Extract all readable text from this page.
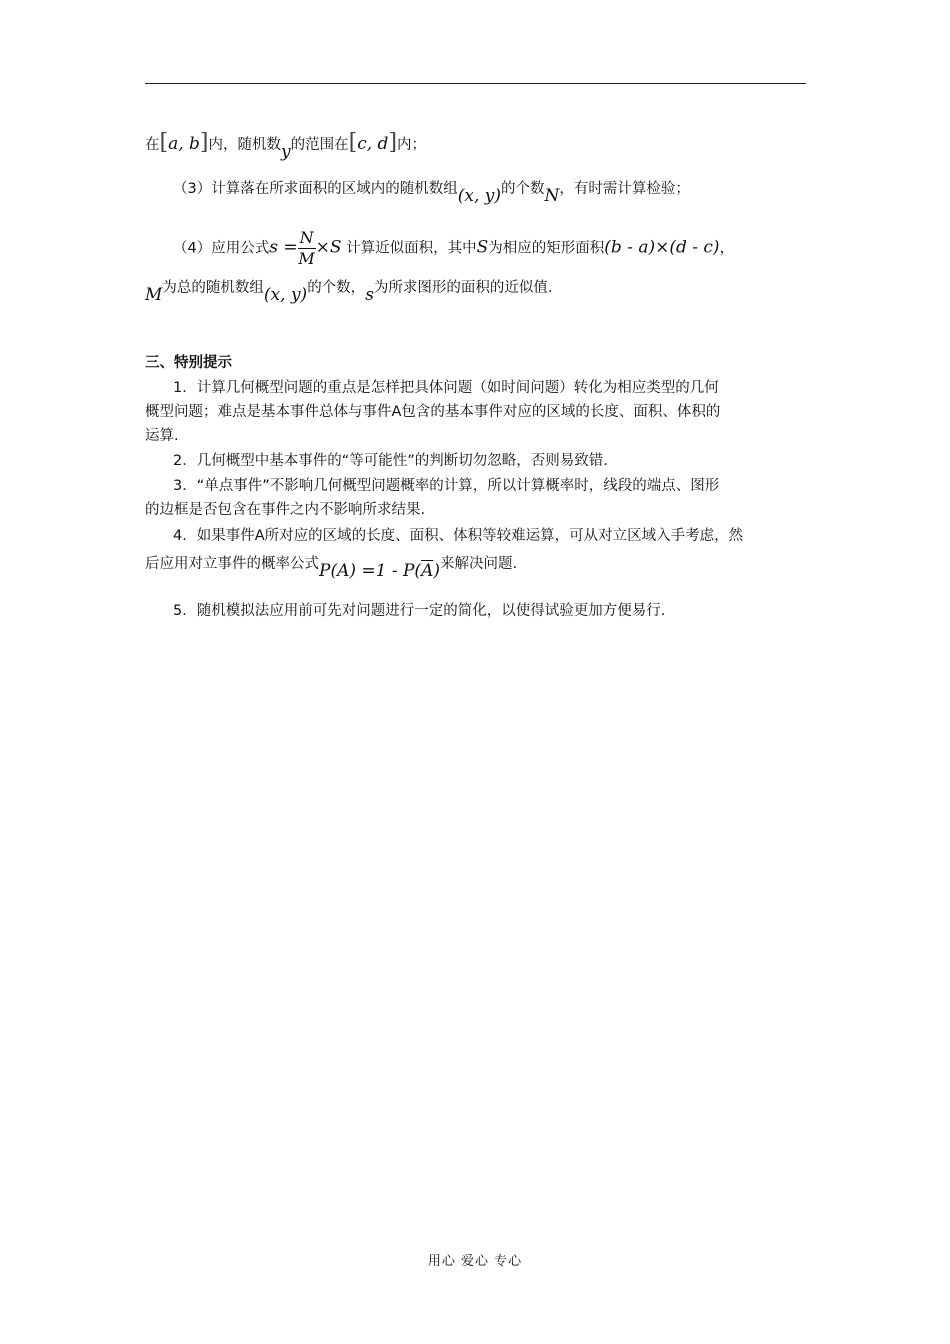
在[a, b]内，随机数y的范围在[c, d]内；
（3）计算落在所求面积的区域内的随机数组(x, y)的个数N，有时需计算检验；
（4）应用公式$s = \frac{N}{M} \times S$ 计算近似面积，其中S为相应的矩形面积(b - a)×(d - c)，
M为总的随机数组(x, y)的个数，s为所求图形的面积的近似值.
三、特别提示
1．计算几何概型问题的重点是怎样把具体问题（如时间问题）转化为相应类型的几何
概型问题；难点是基本事件总体与事件A包含的基本事件对应的区域的长度、面积、体积的
运算.
2．几何概型中基本事件的“等可能性”的判断切勿忽略，否则易致错.
3．“单点事件”不影响几何概型问题概率的计算，所以计算概率时，线段的端点、图形
的边框是否包含在事件之内不影响所求结果.
4．如果事件A所对应的区域的长度、面积、体积等较难运算，可从对立区域入手考虑，然
后应用对立事件的概率公式$P(A) =1 - P(\overline{A})$来解决问题.
5．随机模拟法应用前可先对问题进行一定的简化，以使得试验更加方便易行.
用心 爱心 专心
